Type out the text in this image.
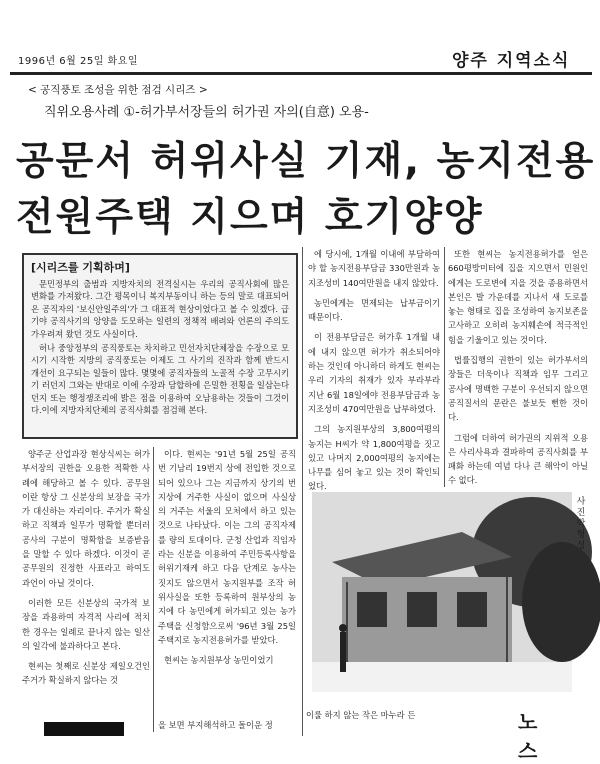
1996년 6월 25일 화요일	양주 지역소식
< 공직풍토 조성을 위한 점검 시리즈 >
직위오용사례 ①-허가부서장들의 허가권 자의(自意) 오용-
공문서 허위사실 기재, 농지전용
전원주택 지으며 호기양양
[시리즈를 기획하며]

문민정부의 출범과 지방자치의 전격실시는 우리의 공직사회에 많은 변화를 가져왔다. 그간 평목이니 복지부동이니 하는 등의 말로 대표되어 온 공직자의 '보신안일주의'가 그 대표적 현상이었다고 볼 수 있겠다. 급기야 공직사기의 앙양을 도모하는 일련의 정책적 배려와 언론의 주의도 가우려져 왔던 것도 사실이다.

허나 중앙정부의 공직풍토는 차치하고 민선자치단체장을 수장으로 모시기 시작한 지방의 공직풍토는 이제도 그 사기의 진작과 함께 반드시 개선이 요구되는 일들이 많다. 몇몇에 공직자들의 노골적 수장 고무시키기 러던지 그와는 반대로 이에 수장과 담합하에 은밀한 전횡을 일삼는다던지 또는 행정쟁조리에 밝은 점을 이용하여 오남용하는 것들이 그것이다.이에 지방자치단체의 공직사회를 점검해 본다.

양주군 산업과장 현상식씨는 허가부서장의 권한을 오용한 적확한 사례에 해당하고 볼 수 있다. 공무원이란 항상 그 신분상의 보장을 국가가 대신하는 자리이다. 주거가 확실하고 직책과 일무가 명확할 뿐더러 공사의 구분이 명확함을 보증받음을 말할 수 있다 하겠다. 이것이 곧 공무원의 진정한 사표라고 하여도 과언이 아닐 것이다.

이러한 모든 신분상의 국가적 보장을 과용하여 자격적 사리에 적치한 경우는 일례로 끝나지 않는 일산의 일각에 불과하다고 본다.

현씨는 첫째로 신분상 제일오건인 주거가 확실하지 않다는 것

이다. 현씨는 '91년 5월 25일 공직번 기남리 19번지 상에 전입한 것으로 되어 있으나 그는 지금까지 상기의 번지상에 거주한 사실이 없으며 사실상의 거주는 서울의 모처에서 하고 있는 것으로 나타났다. 이는 그의 공직자제를 량의 토대이다. 군청 산업과 직임자라는 신분을 이용하여 주민등록사항을 허위기재케 하고 다음 단계로 농사는 짓지도 않으면서 농지원부를 조작 허위사실을 또한 등록하여 원부상의 농지에 다 농민에게 허가되고 있는 농가주택을 신청함으로써 '96년 3월 25일 주택지로 농지전용허가를 받았다.

현씨는 농지원부상 농민이었기

을 보면 부지해석하고 돌이운 정

에 당시에, 1개월 이내에 부담하여야 할 농지전용부담금 330만원과 농지조성비 140여만원을 내지 않았다.

농민에게는 면제되는 납부금이기 때문이다.

이 전용부담금은 허가후 1개월 내에 내지 않으면 허가가 취소되어야 하는 것인데 아니하더 하게도 현씨는 우리 기자의 취재가 있자 부라부라 지난 6월 18일에야 전용부담금과 농지조성비 470여만원을 납부하였다.

그의 농지원부상의 3,800여평의 농지는 H씨가 약 1,800여평을 짓고 있고 나머지 2,000여평의 농지에는 나무를 심어 놓고 있는 것이 확인되었다.

또한 현씨는 농지전용허가를 얻은 660평방미터에 집을 지으면서 민원인에게는 도로변에 지을 것을 종용하면서 본인은 발 가운데를 지나서 새 도로를 놓는 형태로 집을 조성하여 농지보존을 고사하고 오히려 농지훼손에 적극적인 힘을 기울이고 있는 것이다.

법률집행의 권한이 있는 허가부서의 장들은 더욱이나 직책과 임무 그리고 공사에 명백한 구분이 우선되지 않으면 공직질서의 문란은 불보듯 뻔한 것이다.

그럼에 더하여 허가권의 지위적 오용은 사리사욕과 결파하여 공직사회를 부패화 하는데 여념 다나 큰 해악이 아닐 수 없다.

사진 박형성
이룰 하지 않는 작은 마누라 든	노 스
